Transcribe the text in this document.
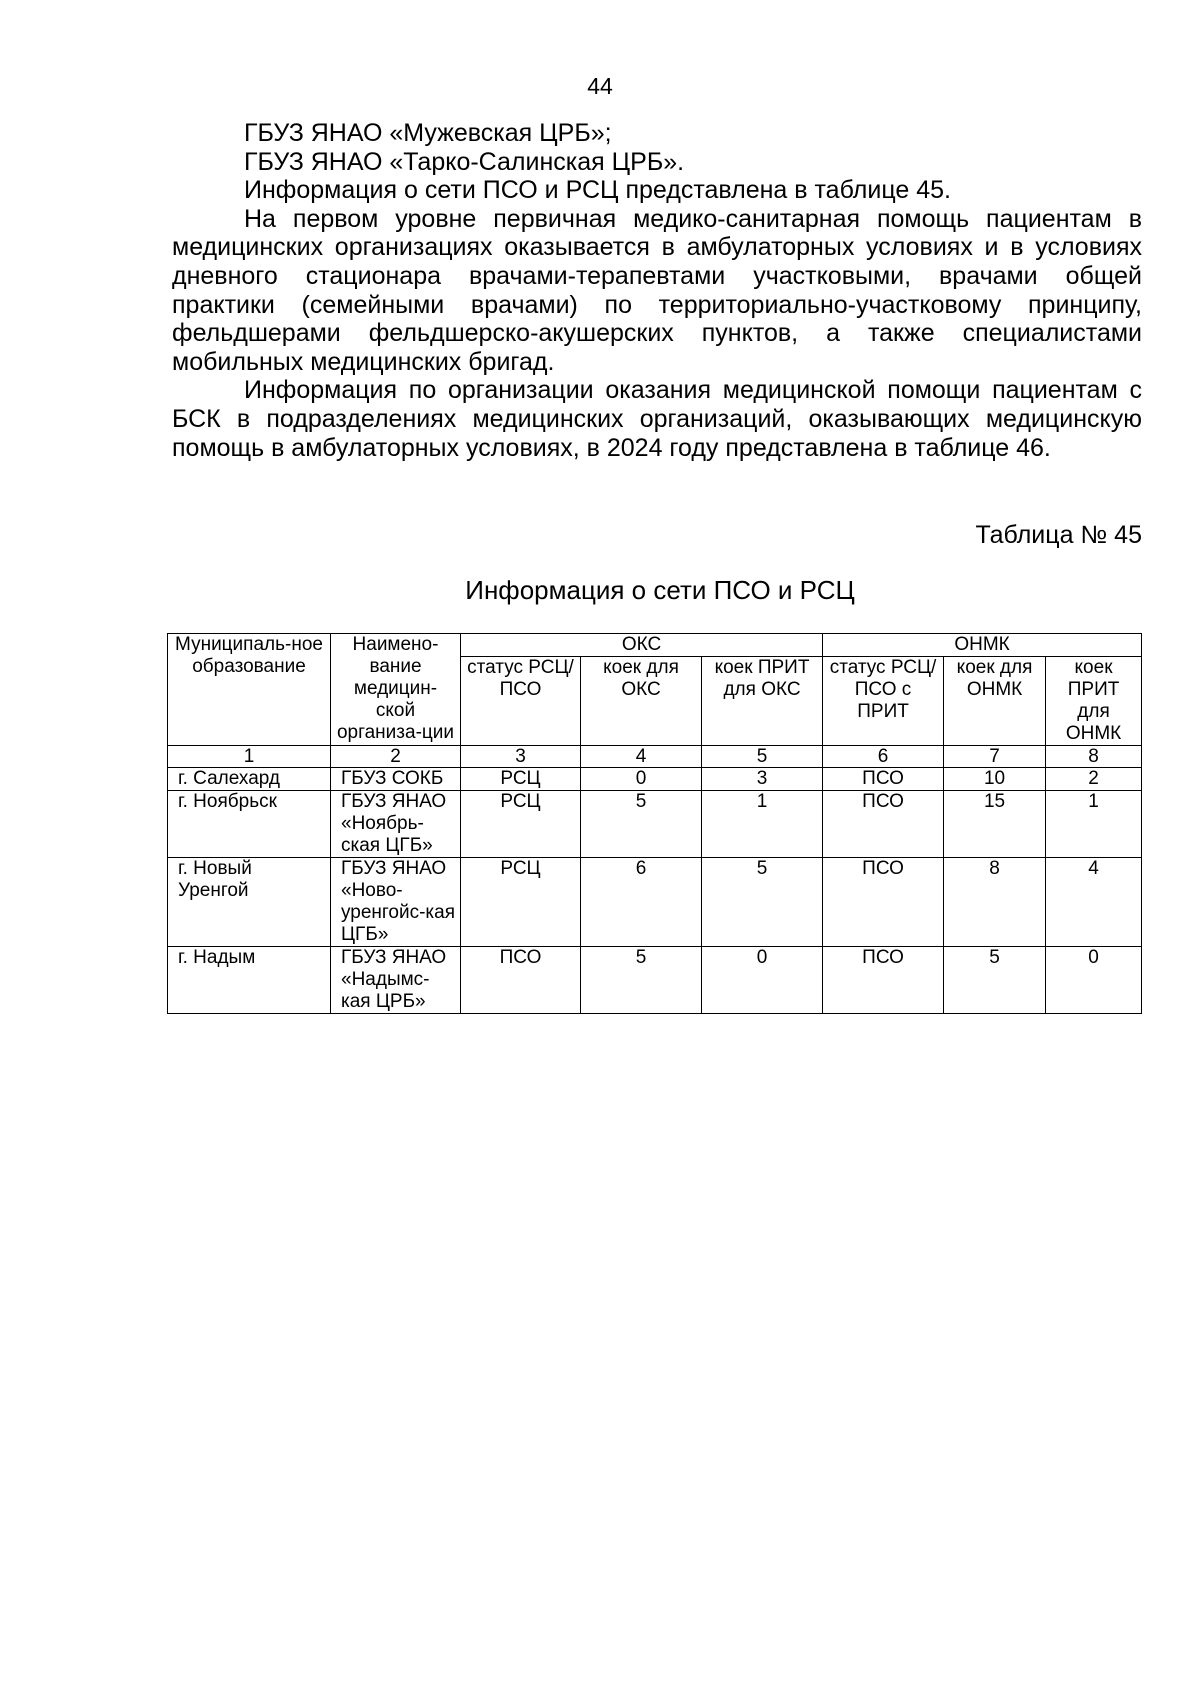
44

ГБУЗ ЯНАО «Мужевская ЦРБ»;

ГБУЗ ЯНАО «Тарко-Салинская ЦРБ».

Информация о сети ПСО и РСЦ представлена в таблице 45.

На первом уровне первичная медико-санитарная помощь пациентам в медицинских организациях оказывается в амбулаторных условиях и в условиях дневного стационара врачами-терапевтами участковыми, врачами общей практики (семейными врачами) по территориально-участковому принципу, фельдшерами фельдшерско-акушерских пунктов, а также специалистами мобильных медицинских бригад.

Информация по организации оказания медицинской помощи пациентам с БСК в подразделениях медицинских организаций, оказывающих медицинскую помощь в амбулаторных условиях, в 2024 году представлена в таблице 46.

Таблица № 45
Информация о сети ПСО и РСЦ
Муниципаль-ное образование	Наимено-вание медицин-ской организа-ции	ОКС			ОНМК		
		статус РСЦ/ПСО	коек для ОКС	коек ПРИТ для ОКС	статус РСЦ/ПСО с ПРИТ	коек для ОНМК	коек ПРИТ для ОНМК
1	2	3	4	5	6	7	8
г. Салехард	ГБУЗ СОКБ	РСЦ	0	3	ПСО	10	2
г. Ноябрьск	ГБУЗ ЯНАО «Ноябрь-ская ЦГБ»	РСЦ	5	1	ПСО	15	1
г. Новый Уренгой	ГБУЗ ЯНАО «Ново-уренгойс-кая ЦГБ»	РСЦ	6	5	ПСО	8	4
г. Надым	ГБУЗ ЯНАО «Надымс-кая ЦРБ»	ПСО	5	0	ПСО	5	0
